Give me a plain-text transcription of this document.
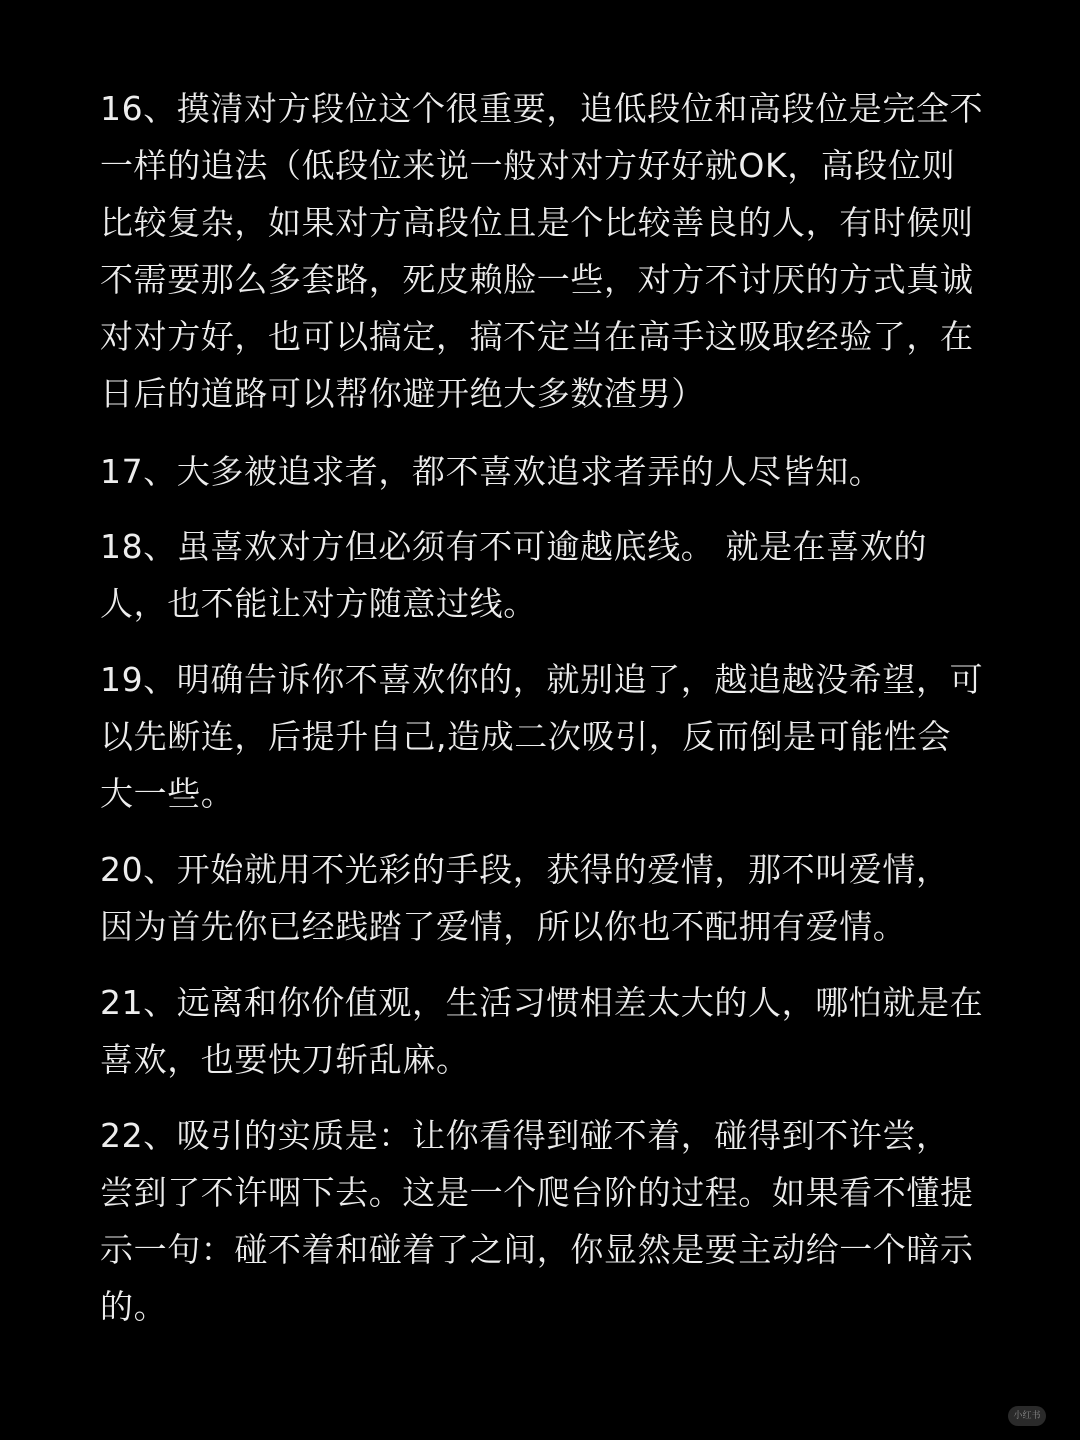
16、摸清对方段位这个很重要，追低段位和高段位是完全不
一样的追法（低段位来说一般对对方好好就OK，高段位则
比较复杂，如果对方高段位且是个比较善良的人，有时候则
不需要那么多套路，死皮赖脸一些，对方不讨厌的方式真诚
对对方好，也可以搞定，搞不定当在高手这吸取经验了，在
日后的道路可以帮你避开绝大多数渣男）
17、大多被追求者，都不喜欢追求者弄的人尽皆知。
18、虽喜欢对方但必须有不可逾越底线。 就是在喜欢的
人，也不能让对方随意过线。
19、明确告诉你不喜欢你的，就别追了，越追越没希望，可
以先断连，后提升自己,造成二次吸引，反而倒是可能性会
大一些。
20、开始就用不光彩的手段，获得的爱情，那不叫爱情，
因为首先你已经践踏了爱情，所以你也不配拥有爱情。
21、远离和你价值观，生活习惯相差太大的人，哪怕就是在
喜欢，也要快刀斩乱麻。
22、吸引的实质是：让你看得到碰不着，碰得到不许尝，
尝到了不许咽下去。这是一个爬台阶的过程。如果看不懂提
示一句：碰不着和碰着了之间，你显然是要主动给一个暗示
的。
小红书
